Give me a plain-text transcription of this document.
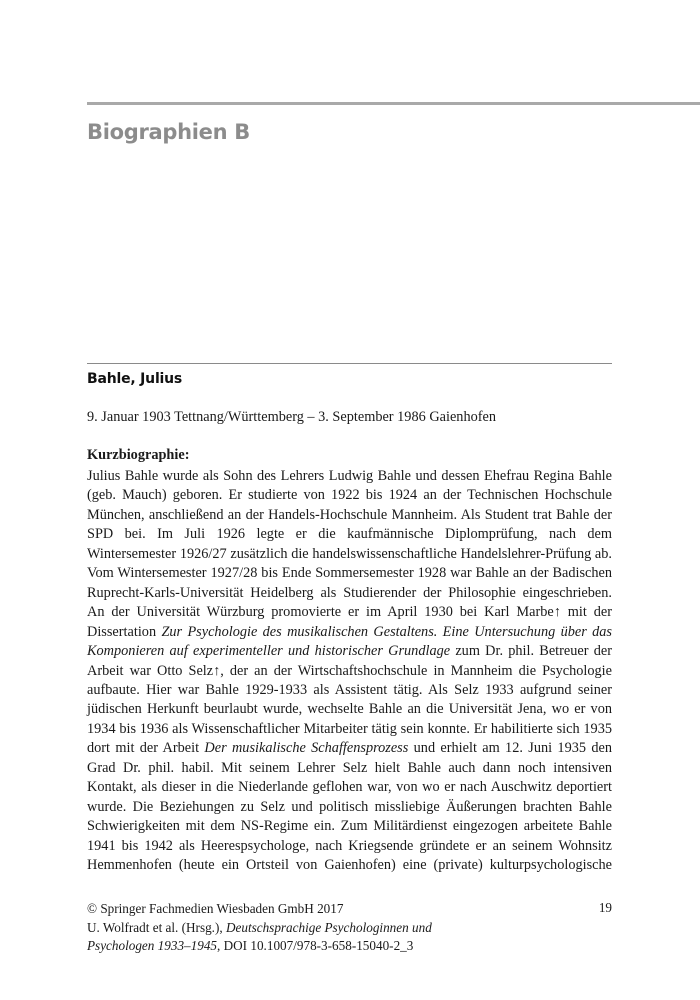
Biographien B
Bahle, Julius
9. Januar 1903 Tettnang/Württemberg – 3. September 1986 Gaienhofen
Kurzbiographie:
Julius Bahle wurde als Sohn des Lehrers Ludwig Bahle und dessen Ehefrau Regina Bahle (geb. Mauch) geboren. Er studierte von 1922 bis 1924 an der Technischen Hochschule München, anschließend an der Handels-Hochschule Mannheim. Als Student trat Bahle der SPD bei. Im Juli 1926 legte er die kaufmännische Diplomprüfung, nach dem Wintersemester 1926/27 zusätzlich die handelswissenschaftliche Handelslehrer-Prüfung ab. Vom Wintersemester 1927/28 bis Ende Sommersemester 1928 war Bahle an der Badischen Ruprecht-Karls-Universität Heidelberg als Studierender der Philosophie eingeschrieben. An der Universität Würzburg promovierte er im April 1930 bei Karl Marbe↑ mit der Dissertation Zur Psychologie des musikalischen Gestaltens. Eine Untersuchung über das Komponieren auf experimenteller und historischer Grundlage zum Dr. phil. Betreuer der Arbeit war Otto Selz↑, der an der Wirtschaftshochschule in Mannheim die Psychologie aufbaute. Hier war Bahle 1929-1933 als Assistent tätig. Als Selz 1933 aufgrund seiner jüdischen Herkunft beurlaubt wurde, wechselte Bahle an die Universität Jena, wo er von 1934 bis 1936 als Wissenschaftlicher Mitarbeiter tätig sein konnte. Er habilitierte sich 1935 dort mit der Arbeit Der musikalische Schaffensprozess und erhielt am 12. Juni 1935 den Grad Dr. phil. habil. Mit seinem Lehrer Selz hielt Bahle auch dann noch intensiven Kontakt, als dieser in die Niederlande geflohen war, von wo er nach Auschwitz deportiert wurde. Die Beziehungen zu Selz und politisch missliebige Äußerungen brachten Bahle Schwierigkeiten mit dem NS-Regime ein. Zum Militärdienst eingezogen arbeitete Bahle 1941 bis 1942 als Heerespsychologe, nach Kriegsende gründete er an seinem Wohnsitz Hemmenhofen (heute ein Ortsteil von Gaienhofen) eine (private) kulturpsychologische
© Springer Fachmedien Wiesbaden GmbH 2017
U. Wolfradt et al. (Hrsg.), Deutschsprachige Psychologinnen und
Psychologen 1933–1945, DOI 10.1007/978-3-658-15040-2_3
19
